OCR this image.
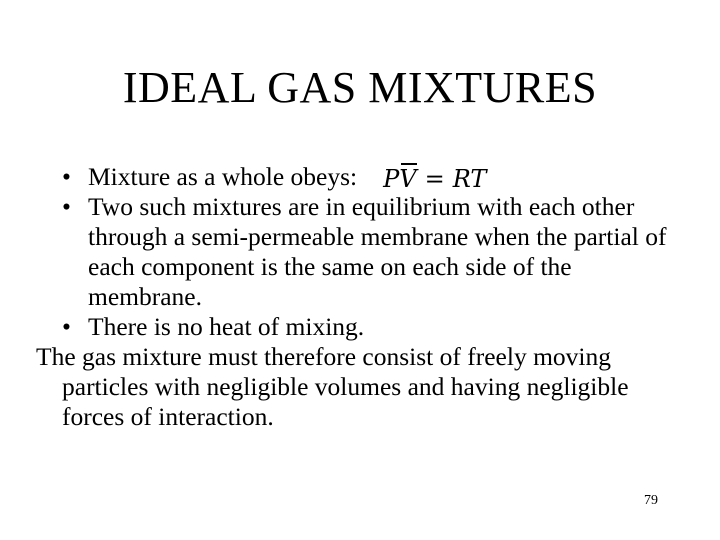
IDEAL GAS MIXTURES
• Mixture as a whole obeys: PV = RT
• Two such mixtures are in equilibrium with each other through a semi-permeable membrane when the partial of each component is the same on each side of the membrane.
• There is no heat of mixing.
The gas mixture must therefore consist of freely moving particles with negligible volumes and having negligible forces of interaction.
79
